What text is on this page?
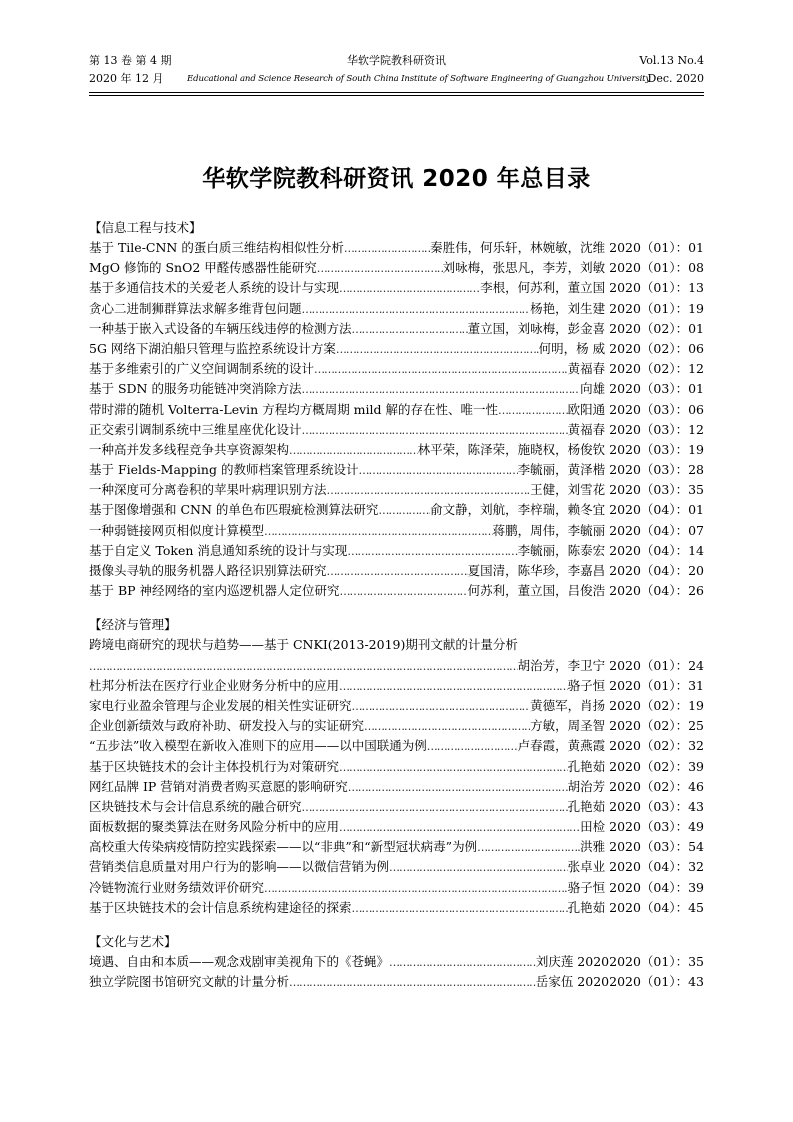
第 13 卷 第 4 期	华软学院教科研资讯	Vol.13 No.4
2020 年 12 月	Educational and Science Research of South China Institute of Software Engineering of Guangzhou University
Dec. 2020
华软学院教科研资讯 2020 年总目录
【信息工程与技术】
基于 Tile-CNN 的蛋白质三维结构相似性分析 ……………………………………………………………………………………………………………………………………………………………………………………………………………	秦胜伟，何乐轩，林婉敏，沈维 2020（01）：01
MgO 修饰的 SnO2 甲醛传感器性能研究 ……………………………………………………………………………………………………………………………………………………………………………………………………………	刘咏梅，张思凡，李芳，刘敏 2020（01）：08
基于多通信技术的关爱老人系统的设计与实现 ……………………………………………………………………………………………………………………………………………………………………………………………………………	李根，何苏利，董立国 2020（01）：13
贪心二进制狮群算法求解多维背包问题 ……………………………………………………………………………………………………………………………………………………………………………………………………………	杨艳，刘生建 2020（01）：19
一种基于嵌入式设备的车辆压线违停的检测方法 ……………………………………………………………………………………………………………………………………………………………………………………………………………	董立国，刘咏梅，彭金喜 2020（02）：01
5G 网络下湖泊船只管理与监控系统设计方案 ……………………………………………………………………………………………………………………………………………………………………………………………………………	何明，杨 威 2020（02）：06
基于多维索引的广义空间调制系统的设计 ……………………………………………………………………………………………………………………………………………………………………………………………………………	黄福春 2020（02）：12
基于 SDN 的服务功能链冲突消除方法 ……………………………………………………………………………………………………………………………………………………………………………………………………………	向雄 2020（03）：01
带时滞的随机 Volterra-Levin 方程均方概周期 mild 解的存在性、唯一性 ……………………………………………………………………………………………………………………………………………………………………………………………………………	欧阳通 2020（03）：06
正交索引调制系统中三维星座优化设计 ……………………………………………………………………………………………………………………………………………………………………………………………………………	黄福春 2020（03）：12
一种高并发多线程竞争共享资源架构 ……………………………………………………………………………………………………………………………………………………………………………………………………………	林平荣，陈泽荣，施晓权，杨俊钦 2020（03）：19
基于 Fields-Mapping 的教师档案管理系统设计 ……………………………………………………………………………………………………………………………………………………………………………………………………………	李毓丽，黄泽楷 2020（03）：28
一种深度可分离卷积的苹果叶病理识别方法 ……………………………………………………………………………………………………………………………………………………………………………………………………………	王健，刘雪花 2020（03）：35
基于图像增强和 CNN 的单色布匹瑕疵检测算法研究 ……………………………………………………………………………………………………………………………………………………………………………………………………………	俞文静，刘航，李梓瑞，赖冬宜 2020（04）：01
一种弱链接网页相似度计算模型 ……………………………………………………………………………………………………………………………………………………………………………………………………………	蒋鹏，周伟，李毓丽 2020（04）：07
基于自定义 Token 消息通知系统的设计与实现 ……………………………………………………………………………………………………………………………………………………………………………………………………………	李毓丽，陈泰宏 2020（04）：14
摄像头寻轨的服务机器人路径识别算法研究 ……………………………………………………………………………………………………………………………………………………………………………………………………………	夏国清，陈华珍，李嘉昌 2020（04）：20
基于 BP 神经网络的室内巡逻机器人定位研究 ……………………………………………………………………………………………………………………………………………………………………………………………………………	何苏利，董立国，吕俊浩 2020（04）：26
【经济与管理】
跨境电商研究的现状与趋势——基于 CNKI(2013-2019)期刊文献的计量分析
……………………………………………………………………………………………………………………………………………………………………………………………………………
胡治芳，李卫宁 2020（01）：24
杜邦分析法在医疗行业企业财务分析中的应用 ……………………………………………………………………………………………………………………………………………………………………………………………………………	骆子恒 2020（01）：31
家电行业盈余管理与企业发展的相关性实证研究 ……………………………………………………………………………………………………………………………………………………………………………………………………………	黄德军，肖扬 2020（02）：19
企业创新绩效与政府补助、研发投入与的实证研究 ……………………………………………………………………………………………………………………………………………………………………………………………………………	方敏，周圣智 2020（02）：25
“五步法”收入模型在新收入准则下的应用——以中国联通为例 ……………………………………………………………………………………………………………………………………………………………………………………………………………	卢春霞，黄燕霞 2020（02）：32
基于区块链技术的会计主体投机行为对策研究 ……………………………………………………………………………………………………………………………………………………………………………………………………………	孔艳茹 2020（02）：39
网红品牌 IP 营销对消费者购买意愿的影响研究 ……………………………………………………………………………………………………………………………………………………………………………………………………………	胡治芳 2020（02）：46
区块链技术与会计信息系统的融合研究 ……………………………………………………………………………………………………………………………………………………………………………………………………………	孔艳茹 2020（03）：43
面板数据的聚类算法在财务风险分析中的应用 ……………………………………………………………………………………………………………………………………………………………………………………………………………	田检 2020（03）：49
高校重大传染病疫情防控实践探索——以“非典”和“新型冠状病毒”为例 ……………………………………………………………………………………………………………………………………………………………………………………………………………	洪雅 2020（03）：54
营销类信息质量对用户行为的影响——以微信营销为例 ……………………………………………………………………………………………………………………………………………………………………………………………………………	张卓业 2020（04）：32
冷链物流行业财务绩效评价研究 ……………………………………………………………………………………………………………………………………………………………………………………………………………	骆子恒 2020（04）：39
基于区块链技术的会计信息系统构建途径的探索 ……………………………………………………………………………………………………………………………………………………………………………………………………………	孔艳茹 2020（04）：45
【文化与艺术】
境遇、自由和本质——观念戏剧审美视角下的《苍蝇》 ……………………………………………………………………………………………………………………………………………………………………………………………………………	刘庆莲 20202020（01）：35
独立学院图书馆研究文献的计量分析 ……………………………………………………………………………………………………………………………………………………………………………………………………………	岳家伍 20202020（01）：43
